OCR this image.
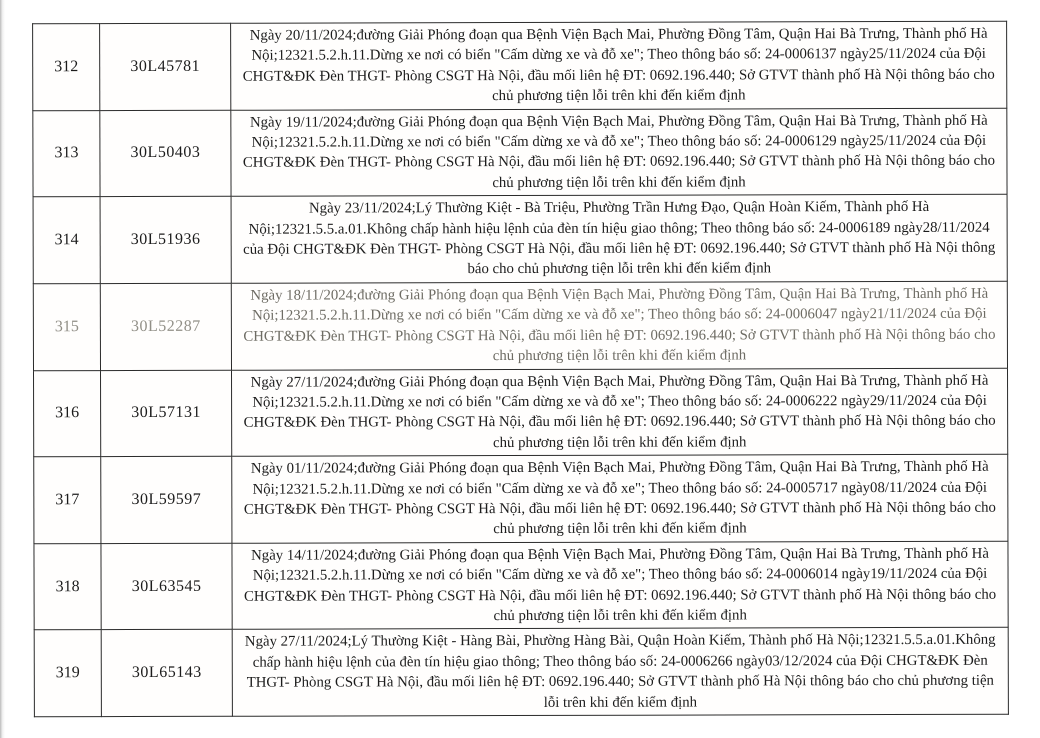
312	30L45781	Ngày 20/11/2024;đường Giải Phóng đoạn qua Bệnh Viện Bạch Mai, Phường Đồng Tâm, Quận Hai Bà Trưng, Thành phố Hà Nội;12321.5.2.h.11.Dừng xe nơi có biển "Cấm dừng xe và đỗ xe"; Theo thông báo số: 24-0006137 ngày25/11/2024 của Đội CHGT&ĐK Đèn THGT- Phòng CSGT Hà Nội, đầu mối liên hệ ĐT: 0692.196.440; Sở GTVT thành phố Hà Nội thông báo cho chủ phương tiện lỗi trên khi đến kiểm định
313	30L50403	Ngày 19/11/2024;đường Giải Phóng đoạn qua Bệnh Viện Bạch Mai, Phường Đồng Tâm, Quận Hai Bà Trưng, Thành phố Hà Nội;12321.5.2.h.11.Dừng xe nơi có biển "Cấm dừng xe và đỗ xe"; Theo thông báo số: 24-0006129 ngày25/11/2024 của Đội CHGT&ĐK Đèn THGT- Phòng CSGT Hà Nội, đầu mối liên hệ ĐT: 0692.196.440; Sở GTVT thành phố Hà Nội thông báo cho chủ phương tiện lỗi trên khi đến kiểm định
314	30L51936	Ngày 23/11/2024;Lý Thường Kiệt - Bà Triệu, Phường Trần Hưng Đạo, Quận Hoàn Kiếm, Thành phố Hà Nội;12321.5.5.a.01.Không chấp hành hiệu lệnh của đèn tín hiệu giao thông; Theo thông báo số: 24-0006189 ngày28/11/2024 của Đội CHGT&ĐK Đèn THGT- Phòng CSGT Hà Nội, đầu mối liên hệ ĐT: 0692.196.440; Sở GTVT thành phố Hà Nội thông báo cho chủ phương tiện lỗi trên khi đến kiểm định
315	30L52287	Ngày 18/11/2024;đường Giải Phóng đoạn qua Bệnh Viện Bạch Mai, Phường Đồng Tâm, Quận Hai Bà Trưng, Thành phố Hà Nội;12321.5.2.h.11.Dừng xe nơi có biển "Cấm dừng xe và đỗ xe"; Theo thông báo số: 24-0006047 ngày21/11/2024 của Đội CHGT&ĐK Đèn THGT- Phòng CSGT Hà Nội, đầu mối liên hệ ĐT: 0692.196.440; Sở GTVT thành phố Hà Nội thông báo cho chủ phương tiện lỗi trên khi đến kiểm định
316	30L57131	Ngày 27/11/2024;đường Giải Phóng đoạn qua Bệnh Viện Bạch Mai, Phường Đồng Tâm, Quận Hai Bà Trưng, Thành phố Hà Nội;12321.5.2.h.11.Dừng xe nơi có biển "Cấm dừng xe và đỗ xe"; Theo thông báo số: 24-0006222 ngày29/11/2024 của Đội CHGT&ĐK Đèn THGT- Phòng CSGT Hà Nội, đầu mối liên hệ ĐT: 0692.196.440; Sở GTVT thành phố Hà Nội thông báo cho chủ phương tiện lỗi trên khi đến kiểm định
317	30L59597	Ngày 01/11/2024;đường Giải Phóng đoạn qua Bệnh Viện Bạch Mai, Phường Đồng Tâm, Quận Hai Bà Trưng, Thành phố Hà Nội;12321.5.2.h.11.Dừng xe nơi có biển "Cấm dừng xe và đỗ xe"; Theo thông báo số: 24-0005717 ngày08/11/2024 của Đội CHGT&ĐK Đèn THGT- Phòng CSGT Hà Nội, đầu mối liên hệ ĐT: 0692.196.440; Sở GTVT thành phố Hà Nội thông báo cho chủ phương tiện lỗi trên khi đến kiểm định
318	30L63545	Ngày 14/11/2024;đường Giải Phóng đoạn qua Bệnh Viện Bạch Mai, Phường Đồng Tâm, Quận Hai Bà Trưng, Thành phố Hà Nội;12321.5.2.h.11.Dừng xe nơi có biển "Cấm dừng xe và đỗ xe"; Theo thông báo số: 24-0006014 ngày19/11/2024 của Đội CHGT&ĐK Đèn THGT- Phòng CSGT Hà Nội, đầu mối liên hệ ĐT: 0692.196.440; Sở GTVT thành phố Hà Nội thông báo cho chủ phương tiện lỗi trên khi đến kiểm định
319	30L65143	Ngày 27/11/2024;Lý Thường Kiệt - Hàng Bài, Phường Hàng Bài, Quận Hoàn Kiếm, Thành phố Hà Nội;12321.5.5.a.01.Không chấp hành hiệu lệnh của đèn tín hiệu giao thông; Theo thông báo số: 24-0006266 ngày03/12/2024 của Đội CHGT&ĐK Đèn THGT- Phòng CSGT Hà Nội, đầu mối liên hệ ĐT: 0692.196.440; Sở GTVT thành phố Hà Nội thông báo cho chủ phương tiện lỗi trên khi đến kiểm định
